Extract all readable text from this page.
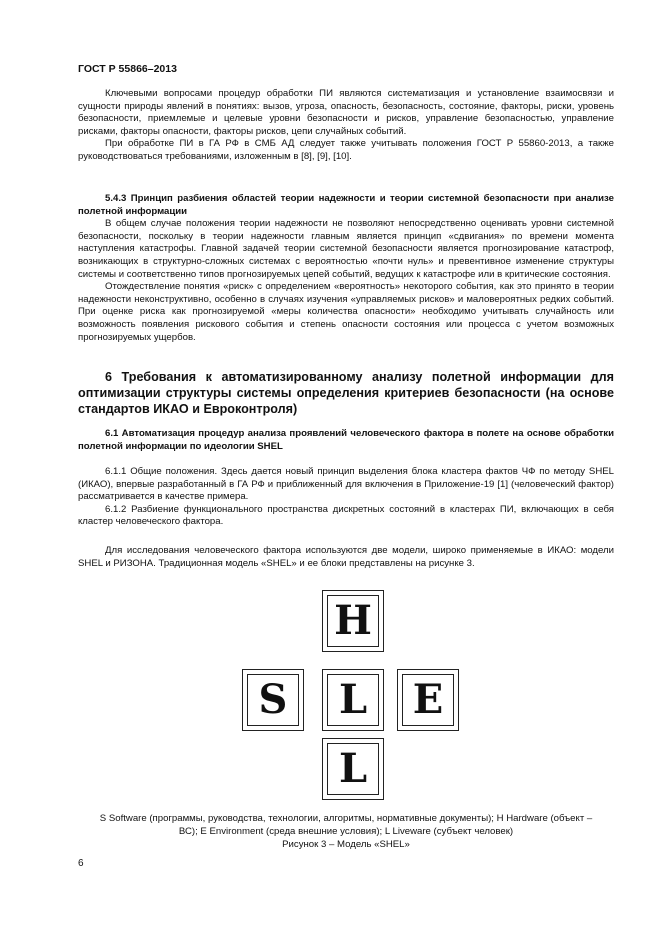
ГОСТ Р 55866–2013

Ключевыми вопросами процедур обработки ПИ являются систематизация и установление взаимосвязи и сущности природы явлений в понятиях: вызов, угроза, опасность, безопасность, состояние, факторы, риски, уровень безопасности, приемлемые и целевые уровни безопасности и рисков, управление безопасностью, управление рисками, факторы опасности, факторы рисков, цепи случайных событий.

При обработке ПИ в ГА РФ в СМБ АД следует также учитывать положения ГОСТ Р 55860-2013, а также руководствоваться требованиями, изложенным в [8], [9], [10].

5.4.3 Принцип разбиения областей теории надежности и теории системной безопасности при анализе полетной информации

В общем случае положения теории надежности не позволяют непосредственно оценивать уровни системной безопасности, поскольку в теории надежности главным является принцип «сдвигания» по времени момента наступления катастрофы. Главной задачей теории системной безопасности является прогнозирование катастроф, возникающих в структурно-сложных системах с вероятностью «почти нуль» и превентивное изменение структуры системы и соответственно типов прогнозируемых цепей событий, ведущих к катастрофе или в критические состояния.

Отождествление понятия «риск» с определением «вероятность» некоторого события, как это принято в теории надежности неконструктивно, особенно в случаях изучения «управляемых рисков» и маловероятных редких событий. При оценке риска как прогнозируемой «меры количества опасности» необходимо учитывать случайность или возможность появления рискового события и степень опасности состояния или процесса с учетом возможных прогнозируемых ущербов.

6 Требования к автоматизированному анализу полетной информации для оптимизации структуры системы определения критериев безопасности (на основе стандартов ИКАО и Евроконтроля)

6.1 Автоматизация процедур анализа проявлений человеческого фактора в полете на основе обработки полетной информации по идеологии SHEL

6.1.1 Общие положения. Здесь дается новый принцип выделения блока кластера фактов ЧФ по методу SHEL (ИКАО), впервые разработанный в ГА РФ и приближенный для включения в Приложение-19 [1] (человеческий фактор) рассматривается в качестве примера.

6.1.2 Разбиение функционального пространства дискретных состояний в кластерах ПИ, включающих в себя кластер человеческого фактора.

Для исследования человеческого фактора используются две модели, широко применяемые в ИКАО: модели SHEL и РИЗОНА. Традиционная модель «SHEL» и ее блоки представлены на рисунке 3.

H
S L E
L
S Software (программы, руководства, технологии, алгоритмы, нормативные документы); H Hardware (объект – ВС); E Environment (среда внешние условия); L Liveware (субъект человек)
Рисунок 3 – Модель «SHEL»
6
